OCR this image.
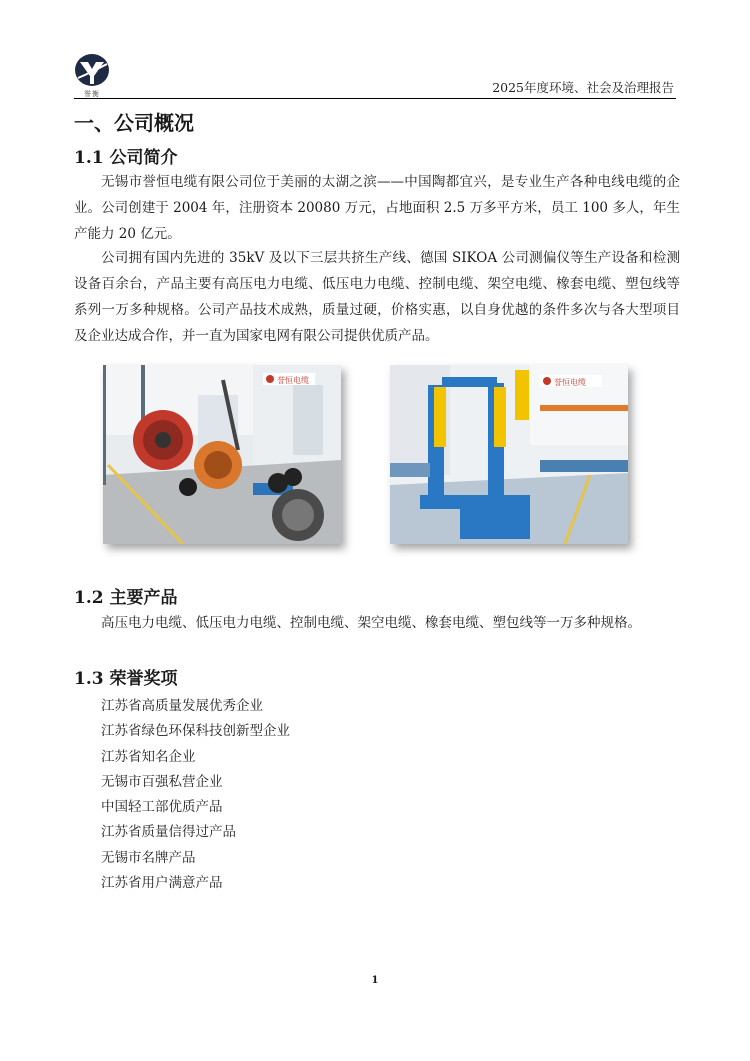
誉衡	2025年度环境、社会及治理报告
一、公司概况
1.1 公司简介
无锡市誉恒电缆有限公司位于美丽的太湖之滨——中国陶都宜兴，是专业生产各种电线电缆的企业。公司创建于 2004 年，注册资本 20080 万元，占地面积 2.5 万多平方米，员工 100 多人，年生产能力 20 亿元。
公司拥有国内先进的 35kV 及以下三层共挤生产线、德国 SIKOA 公司测偏仪等生产设备和检测设备百余台，产品主要有高压电力电缆、低压电力电缆、控制电缆、架空电缆、橡套电缆、塑包线等系列一万多种规格。公司产品技术成熟，质量过硬，价格实惠，以自身优越的条件多次与各大型项目及企业达成合作，并一直为国家电网有限公司提供优质产品。
誉恒电缆	誉恒电缆
1.2 主要产品
高压电力电缆、低压电力电缆、控制电缆、架空电缆、橡套电缆、塑包线等一万多种规格。
1.3 荣誉奖项
江苏省高质量发展优秀企业
江苏省绿色环保科技创新型企业
江苏省知名企业
无锡市百强私营企业
中国轻工部优质产品
江苏省质量信得过产品
无锡市名牌产品
江苏省用户满意产品
1
